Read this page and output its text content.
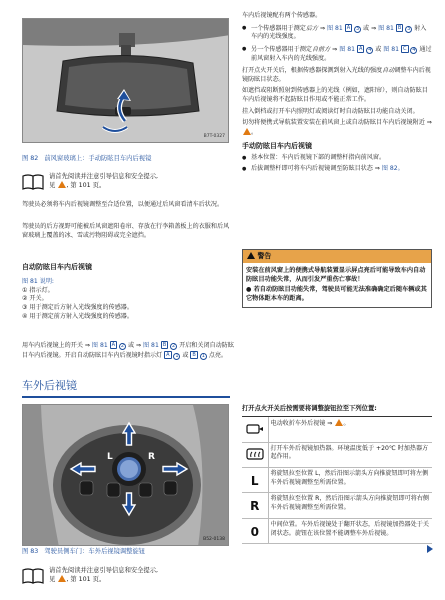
B7T-0327
图 82 前风窗玻璃上：手动防眩目车内后视镜
请首先阅读并注意引导信息和安全提示,
见 , 第 101 页。
驾驶员必须将车内后视镜调整至合适位置，以便通过后风窗看清车后状况。
驾驶员的后方视野可能被后风窗遮阳卷帘、存放在行李箱盖板上的衣服和后风窗玻璃上覆盖的冰、雪或污物阻碍或完全遮挡。
自动防眩目车内后视镜
图 81 说明:
① 指示灯。
② 开关。
③ 用于测定后方射入光线强度的传感器。
④ 用于测定前方射入光线强度的传感器。
用车内后视镜上的开关 ⇒ 图 81 A 2 或 ⇒ 图 81 B 2 开启和关闭自动防眩目车内后视镜。开启自动防眩目车内后视镜时指示灯 A 1 或 B 1 点亮。
车内后视镜配有两个传感器。
● 一个传感器用于测定后方 ⇒ 图 81 A 3 或 ⇒ 图 81 B 3 射入车内的光线强度。
● 另一个传感器用于测定自前方 ⇒ 图 81 A 4 或 图 81 C 4 通过前风窗射入车内的光线强度。
打开点火开关后，根据传感器探测到射入光线的强度自动调整车内后视镜防眩目状态。
如遮挡或阻断照射到传感器上的光线（例如，遮阳帘），则自动防眩目车内后视镜将不起防眩目作用或不能正常工作。
挂入倒档或打开车内照明灯或阅读灯时自动防眩目功能自动关闭。
切勿将便携式导航装置安装在前风窗上或自动防眩目车内后视镜附近 ⇒ 。
手动防眩目车内后视镜
● 基本位置：车内后视镜下部的调整杆指向前风窗。
● 后拔调整杆即可将车内后视镜调至防眩目状态 ⇒ 图 82。
警告
安装在前风窗上的便携式导航装置显示屏点亮后可能导致车内自动防眩目功能失常，从而引发严重伤亡事故！
● 若自动防眩目功能失常，驾驶员可能无法准确确定后随车辆或其它物体距本车的距离。
车外后视镜
L	R
B52-0138
图 83 驾驶员侧车门：车外后视镜调整旋钮
请首先阅读并注意引导信息和安全提示,
见 , 第 101 页。
打开点火开关后按需要将调整旋钮拉至下列位置:	
	电动收折车外后视镜 ⇒ 。
	打开车外后视镜加热器。环境温度低于 +20℃ 时加热器方起作用。
L	将旋钮拉至位置 L，然后沿图示箭头方向推旋钮即可将左侧车外后视镜调整至所需位置。
R	将旋钮拉至位置 R，然后沿图示箭头方向推旋钮即可将右侧车外后视镜调整至所需位置。
0	中间位置。车外后视镜处于翻开状态，后视镜加热器处于关闭状态。旋钮在该位置不能调整车外后视镜。
